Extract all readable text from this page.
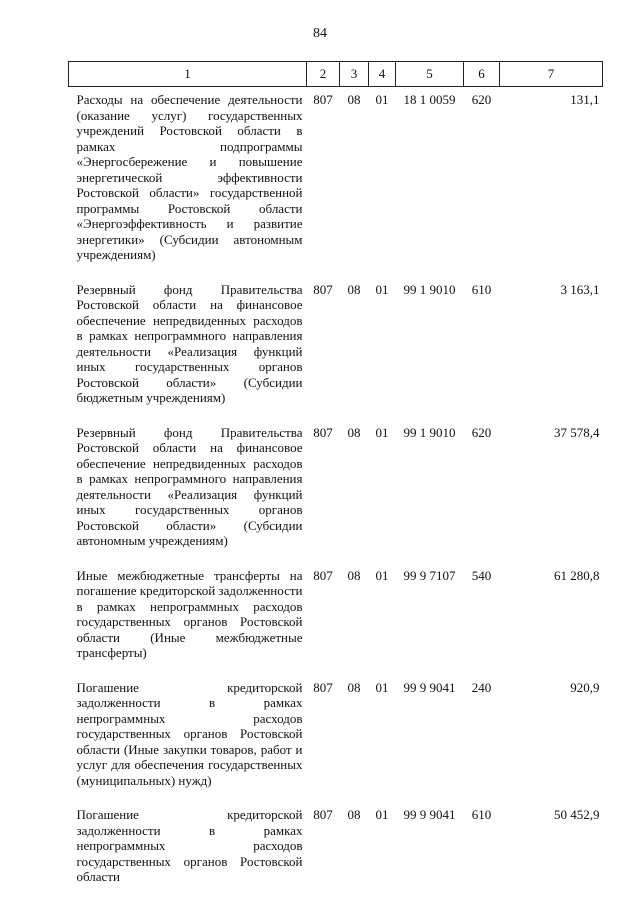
84
1	2	3	4	5	6	7
Расходы на обеспечение деятельности (оказание услуг) государственных учреждений Ростовской области в рамках подпрограммы «Энергосбережение и повышение энергетической эффективности Ростовской области» государственной программы Ростовской области «Энергоэффективность и развитие энергетики» (Субсидии автономным учреждениям)	807	08	01	18 1 0059	620	131,1
Резервный фонд Правительства Ростовской области на финансовое обеспечение непредвиденных расходов в рамках непрограммного направления деятельности «Реализация функций иных государственных органов Ростовской области» (Субсидии бюджетным учреждениям)	807	08	01	99 1 9010	610	3 163,1
Резервный фонд Правительства Ростовской области на финансовое обеспечение непредвиденных расходов в рамках непрограммного направления деятельности «Реализация функций иных государственных органов Ростовской области» (Субсидии автономным учреждениям)	807	08	01	99 1 9010	620	37 578,4
Иные межбюджетные трансферты на погашение кредиторской задолженности в рамках непрограммных расходов государственных органов Ростовской области (Иные межбюджетные трансферты)	807	08	01	99 9 7107	540	61 280,8
Погашение кредиторской задолженности в рамках непрограммных расходов государственных органов Ростовской области (Иные закупки товаров, работ и услуг для обеспечения государственных (муниципальных) нужд)	807	08	01	99 9 9041	240	920,9
Погашение кредиторской задолженности в рамках непрограммных расходов государственных органов Ростовской области	807	08	01	99 9 9041	610	50 452,9
